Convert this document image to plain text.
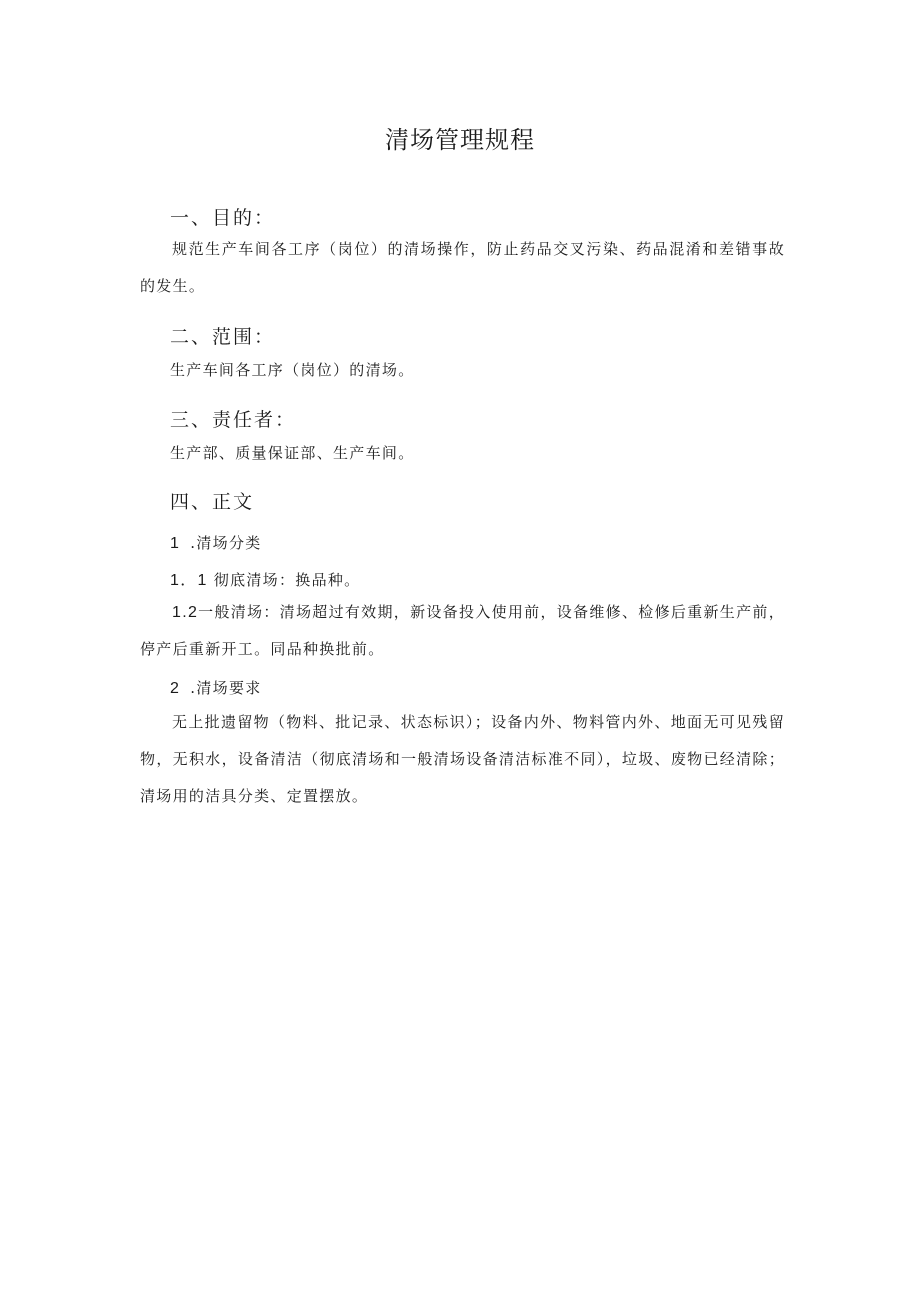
清场管理规程
一、目的：
规范生产车间各工序（岗位）的清场操作，防止药品交叉污染、药品混淆和差错事故的发生。
二、范围：
生产车间各工序（岗位）的清场。
三、责任者：
生产部、质量保证部、生产车间。
四、正文
1 .清场分类
1．1 彻底清场：换品种。
1.2一般清场：清场超过有效期，新设备投入使用前，设备维修、检修后重新生产前，停产后重新开工。同品种换批前。
2 .清场要求
无上批遗留物（物料、批记录、状态标识）；设备内外、物料管内外、地面无可见残留物，无积水，设备清洁（彻底清场和一般清场设备清洁标准不同），垃圾、废物已经清除；清场用的洁具分类、定置摆放。
